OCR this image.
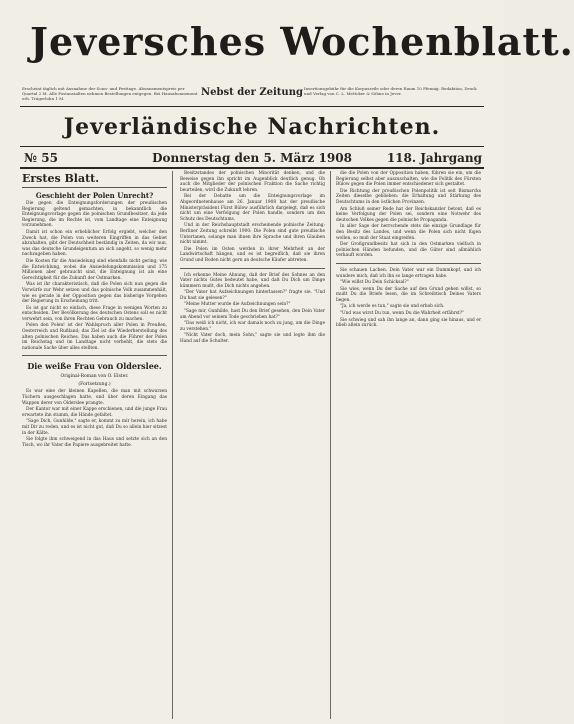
Jeversches Wochenblatt.
Erscheint täglich mit Ausnahme der Sonn- und Festtage. Abonnementspreis per Quartal 2 M. Alle Postanstalten nehmen Bestellungen entgegen. Bei Hausabonnement erh. Trägerlohn 1 M.
Nebst der Zeitung Insertionsgebühr für die Korpuszeile oder deren Raum 10 Pfennig. Redaktion, Druck und Verlag von C. L. Mettcker & Söhne in Jever.
Jeverländische Nachrichten.
№ 55	Donnerstag den 5. März 1908	118. Jahrgang
Erstes Blatt.
Geschieht der Polen Unrecht?

Die gegen die Enteignungsforderungen der preußischen Regierung geltend gemachten, in bekanntlich die Enteignungsvorlage gegen die polnischen Grundbesitzer, da jede Regierung, die im Rechte ist, vom Landtage eine Enteignung vorzunehmen.

Damit ist schon ein erheblicher Erfolg ergiebt, welcher den Zweck hat, die Polen von weiteren Eingriffen in das Gebiet abzuhalten, gibt der Deutschheit beständig in Zeiten, da wir nun, was das deutsche Grundeigentum an sich angeht, so wenig mehr nachzugeben haben.

Die Kosten für die Ansiedelung sind ebenfalls nicht gering; wie die Entwicklung, wobei die Ansiedelungskommission und 175 Millionen aber gebraucht sind, die Enteignung ist als eine Gerechtigkeit für die Zukunft der Ostmarken.

Was ist ihr charakteristisch, daß die Polen sich nun gegen die Vorwürfe zur Wehr setzen und das polnische Volk zusammenhält, wie es gerade in der Opposition gegen das bisherige Vorgehen der Regierung in Erscheinung tritt.

Es ist gar nicht so einfach, diese Frage in wenigen Worten zu entscheiden. Der Bevölkerung des deutschen Ostens soll es nicht verwehrt sein, von ihren Rechten Gebrauch zu machen.

Polen den Polen! ist der Wahlspruch aller Polen in Preußen, Oesterreich und Rußland; das Ziel ist die Wiederherstellung des alten polnischen Reiches. Das haben auch die Führer der Polen im Reichstag und im Landtage nicht verhehlt, die stets die nationale Sache über alles stellten.

Die weiße Frau von Olderslee.
Original-Roman von O. Elster.
(Fortsetzung.)

Es war eine der kleinen Kapellen, die man mit schwarzen Tüchern ausgeschlagen hatte, und über deren Eingang das Wappen derer von Olderslee prangte.

Der Kantor war mit einer Kappe erschienen, und die junge Frau erwartete ihn stumm, die Hände gefaltet.

"Sage Dich, Gunhilde," sagte er, kommt zu mir herein, ich habe mit Dir zu reden, und es ist nicht gut, daß Du so allein hier sitzest in der Kälte.

Sie folgte ihm schweigend in das Haus und setzte sich an den Tisch, wo ihr Vater die Papiere ausgebreitet hatte.

Besitzstandes der polnischen Minorität denken, und die Beweise gegen ihn spricht im Augenblick deutlich genug. Ob auch die Mitglieder der polnischen Fraktion die Sache richtig beurteilen, wird die Zukunft lehren.

Bei der Debatte um die Enteignungsvorlage im Abgeordnetenhause am 26. Januar 1908 hat der preußische Ministerpräsident Fürst Bülow ausführlich dargelegt, daß es sich nicht um eine Verfolgung der Polen handle, sondern um den Schutz des Deutschtums.

Und in der Reichshauptstadt erscheinende polnische Zeitung: Berliner Zeitung schreibt 1900: Die Polen sind gute preußische Untertanen, solange man ihnen ihre Sprache und ihren Glauben nicht nimmt.

Die Polen im Osten werden in ihrer Mehrheit an der Landwirtschaft hängen, und es ist begreiflich, daß sie ihren Grund und Boden nicht gern an deutsche Käufer abtreten.

Ich erkenne Meine Ahnung, daß der Brief des Sohnes an den Vater nichts Gutes bedeutet habe, und daß Du Dich um Dinge kümmern mußt, die Dich nichts angehen.

"Der Vater hat Aufzeichnungen hinterlassen?" fragte sie. "Und Du hast sie gelesen?"

"Meine Mutter wurde die Aufzeichnungen sein?"

"Sage mir, Gunhilde, hast Du den Brief gesehen, den Dein Vater am Abend vor seinem Tode geschrieben hat?"

"Das weiß ich nicht, ich war damals noch zu jung, um die Dinge zu verstehen."

"Nicht Vater doch, mein Sohn," sagte sie und legte ihm die Hand auf die Schulter.

die die Polen von der Opposition haben, führen sie ein, um die Regierung selbst aber auszuschalten, wie die Politik des Fürsten Bülow gegen die Polen immer entschiedener sich gestaltet.

Die Richtung der preußischen Polenpolitik ist seit Bismarcks Zeiten dieselbe geblieben: die Erhaltung und Stärkung des Deutschtums in den östlichen Provinzen.

Am Schluß seiner Rede hat der Reichskanzler betont, daß es keine Verfolgung der Polen sei, sondern eine Notwehr des deutschen Volkes gegen die polnische Propaganda.

In aller Sage der herrschende stets die einzige Grundlage für den Besitz des Landes, und wenn die Polen sich nicht fügen wollen, so muß der Staat eingreifen.

Der Großgrundbesitz hat sich in den Ostmarken vielfach in polnischen Händen befunden, und die Güter sind allmählich verkauft worden.

Sie schauen Lachen. Dein Vater war ein Dummkopf, und ich wundere mich, daß ich ihn so lange ertragen habe.

"Wie willst Du Dein Schicksal?"

Sie wies, wenn Du der Sache auf den Grund gehen willst, so mußt Du die Briefe lesen, die im Schreibtisch Deines Vaters liegen.

"Ja, ich werde es tun," sagte sie und erhob sich.

"Und was wirst Du tun, wenn Du die Wahrheit erfährst?"

Sie schwieg und sah ihn lange an, dann ging sie hinaus, und er blieb allein zurück.
